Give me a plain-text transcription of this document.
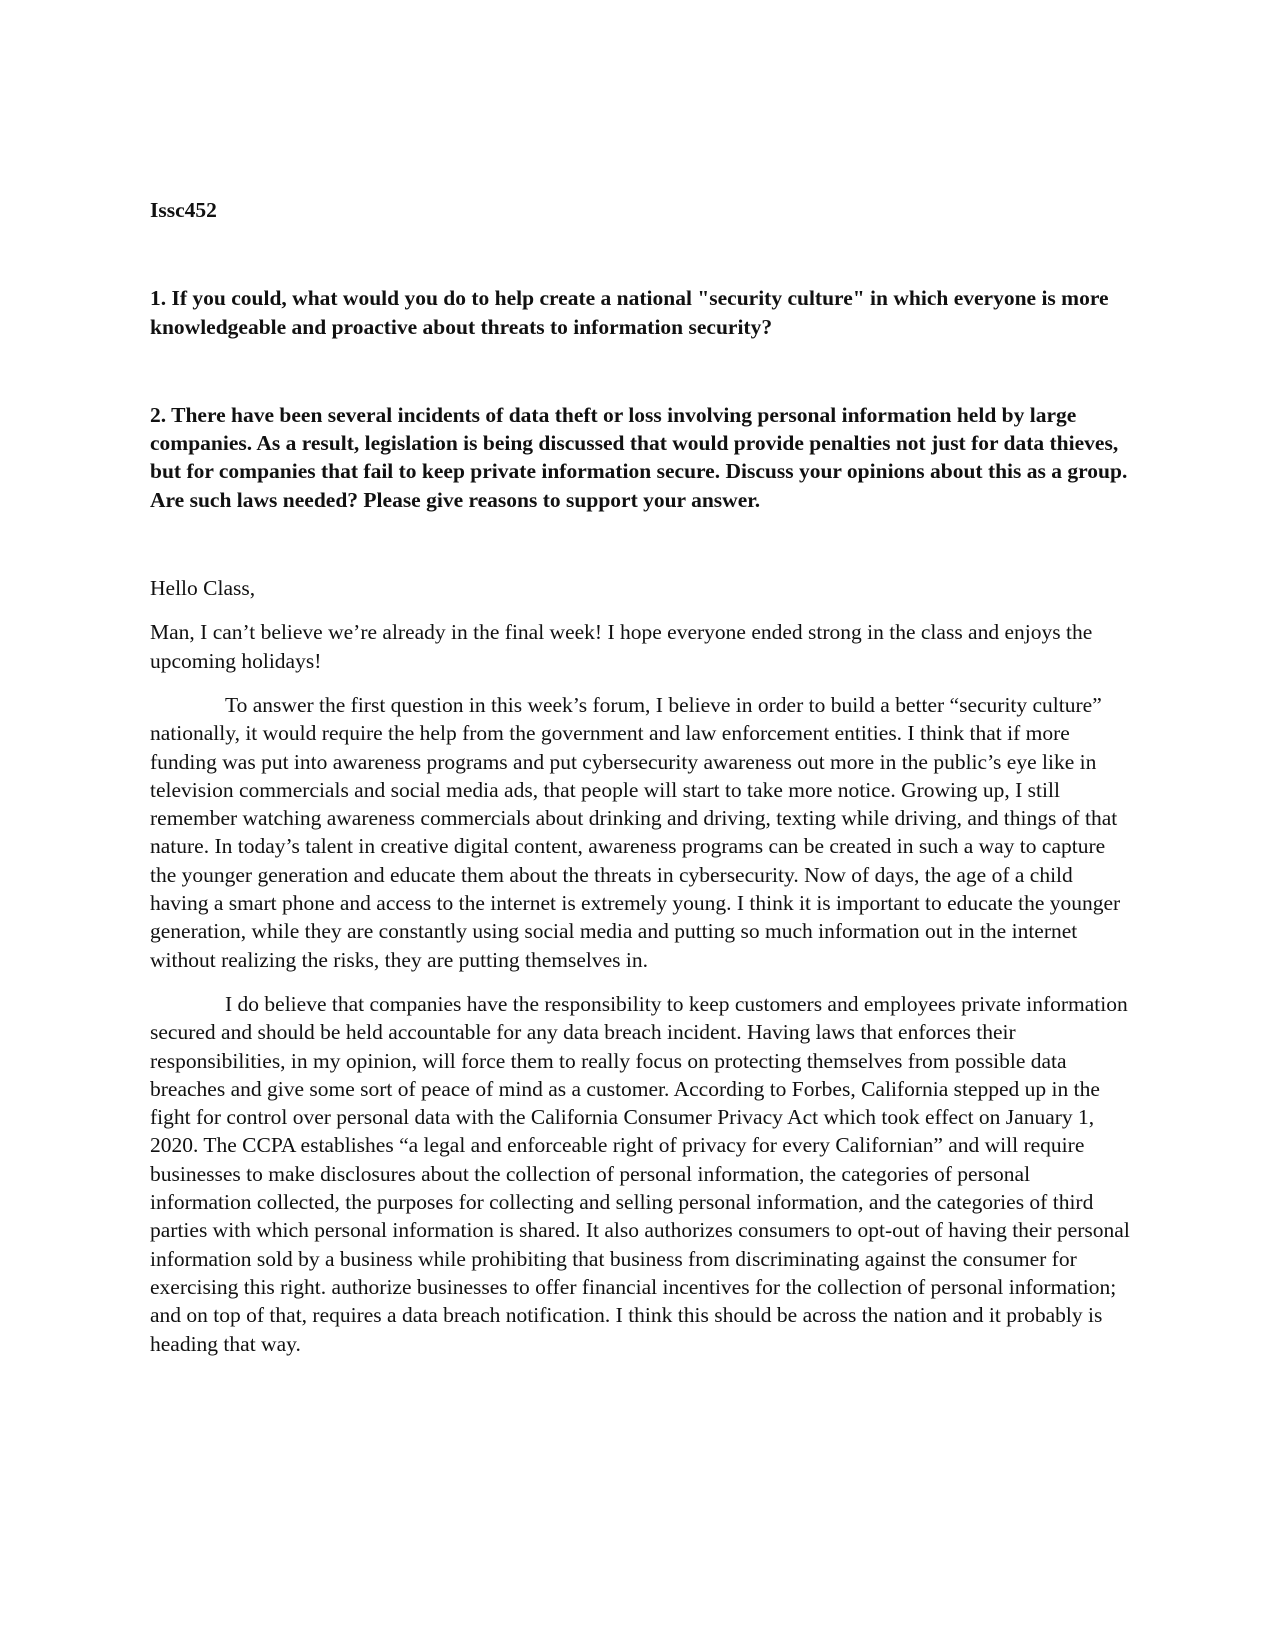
Issc452

1. If you could, what would you do to help create a national "security culture" in which everyone is more knowledgeable and proactive about threats to information security?

2. There have been several incidents of data theft or loss involving personal information held by large companies. As a result, legislation is being discussed that would provide penalties not just for data thieves, but for companies that fail to keep private information secure. Discuss your opinions about this as a group. Are such laws needed? Please give reasons to support your answer.

Hello Class,

Man, I can’t believe we’re already in the final week! I hope everyone ended strong in the class and enjoys the upcoming holidays!

To answer the first question in this week’s forum, I believe in order to build a better “security culture” nationally, it would require the help from the government and law enforcement entities. I think that if more funding was put into awareness programs and put cybersecurity awareness out more in the public’s eye like in television commercials and social media ads, that people will start to take more notice. Growing up, I still remember watching awareness commercials about drinking and driving, texting while driving, and things of that nature. In today’s talent in creative digital content, awareness programs can be created in such a way to capture the younger generation and educate them about the threats in cybersecurity. Now of days, the age of a child having a smart phone and access to the internet is extremely young. I think it is important to educate the younger generation, while they are constantly using social media and putting so much information out in the internet without realizing the risks, they are putting themselves in.

I do believe that companies have the responsibility to keep customers and employees private information secured and should be held accountable for any data breach incident. Having laws that enforces their responsibilities, in my opinion, will force them to really focus on protecting themselves from possible data breaches and give some sort of peace of mind as a customer. According to Forbes, California stepped up in the fight for control over personal data with the California Consumer Privacy Act which took effect on January 1, 2020. The CCPA establishes “a legal and enforceable right of privacy for every Californian” and will require businesses to make disclosures about the collection of personal information, the categories of personal information collected, the purposes for collecting and selling personal information, and the categories of third parties with which personal information is shared. It also authorizes consumers to opt-out of having their personal information sold by a business while prohibiting that business from discriminating against the consumer for exercising this right. authorize businesses to offer financial incentives for the collection of personal information; and on top of that, requires a data breach notification. I think this should be across the nation and it probably is heading that way.
